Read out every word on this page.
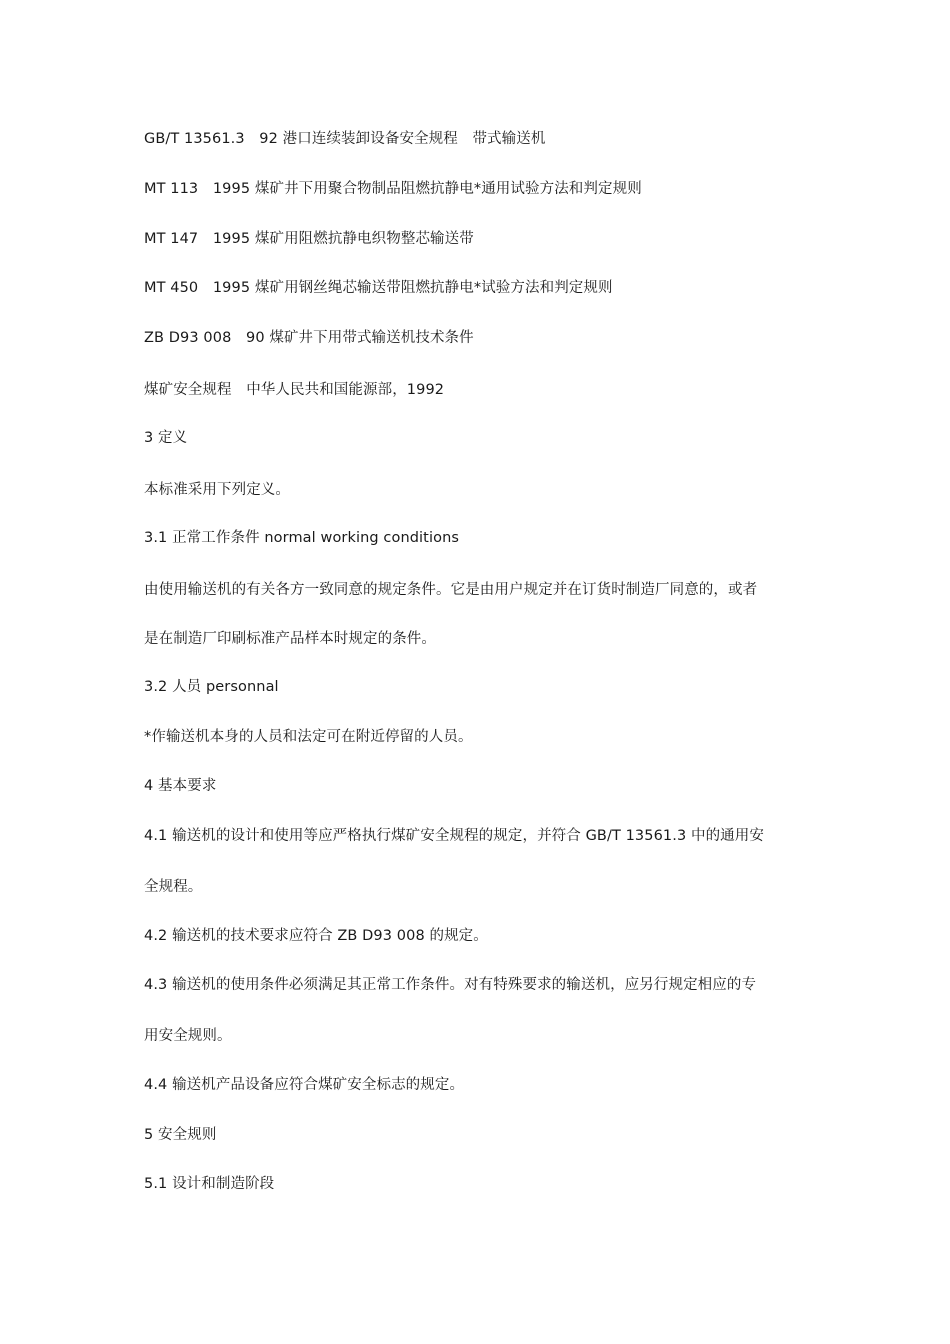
GB/T 13561.3　92 港口连续装卸设备安全规程　带式输送机
MT 113　1995 煤矿井下用聚合物制品阻燃抗静电*通用试验方法和判定规则
MT 147　1995 煤矿用阻燃抗静电织物整芯输送带
MT 450　1995 煤矿用钢丝绳芯输送带阻燃抗静电*试验方法和判定规则
ZB D93 008　90 煤矿井下用带式输送机技术条件
煤矿安全规程　中华人民共和国能源部，1992
3 定义
本标准采用下列定义。
3.1 正常工作条件 normal working conditions
由使用输送机的有关各方一致同意的规定条件。它是由用户规定并在订货时制造厂同意的，或者
是在制造厂印刷标准产品样本时规定的条件。
3.2 人员 personnal
*作输送机本身的人员和法定可在附近停留的人员。
4 基本要求
4.1 输送机的设计和使用等应严格执行煤矿安全规程的规定，并符合 GB/T 13561.3 中的通用安
全规程。
4.2 输送机的技术要求应符合 ZB D93 008 的规定。
4.3 输送机的使用条件必须满足其正常工作条件。对有特殊要求的输送机，应另行规定相应的专
用安全规则。
4.4 输送机产品设备应符合煤矿安全标志的规定。
5 安全规则
5.1 设计和制造阶段
